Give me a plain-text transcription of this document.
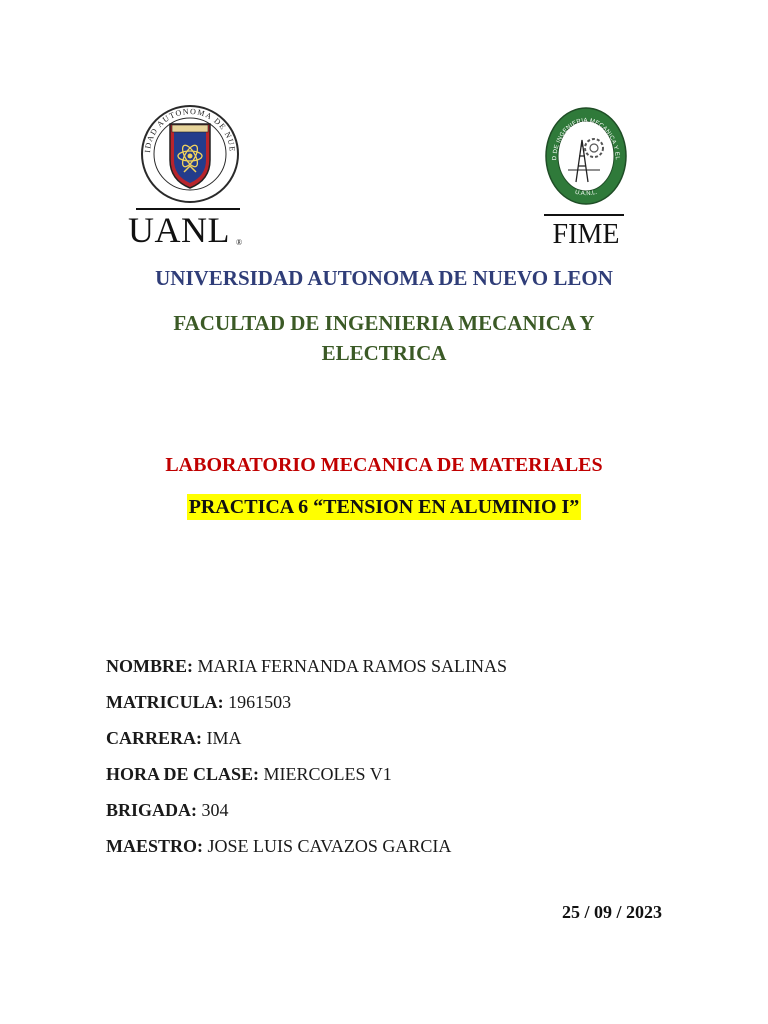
IDAD AUTONOMA DE NUE
UANL ®
D DE INGENIERIA MECANICA Y EL
U.A.N.L.
FIME
UNIVERSIDAD AUTONOMA DE NUEVO LEON
FACULTAD DE INGENIERIA MECANICA Y ELECTRICA
LABORATORIO MECANICA DE MATERIALES
PRACTICA 6 “TENSION EN ALUMINIO I”
NOMBRE: MARIA FERNANDA RAMOS SALINAS
MATRICULA: 1961503
CARRERA: IMA
HORA DE CLASE: MIERCOLES V1
BRIGADA: 304
MAESTRO: JOSE LUIS CAVAZOS GARCIA
25 / 09 / 2023
